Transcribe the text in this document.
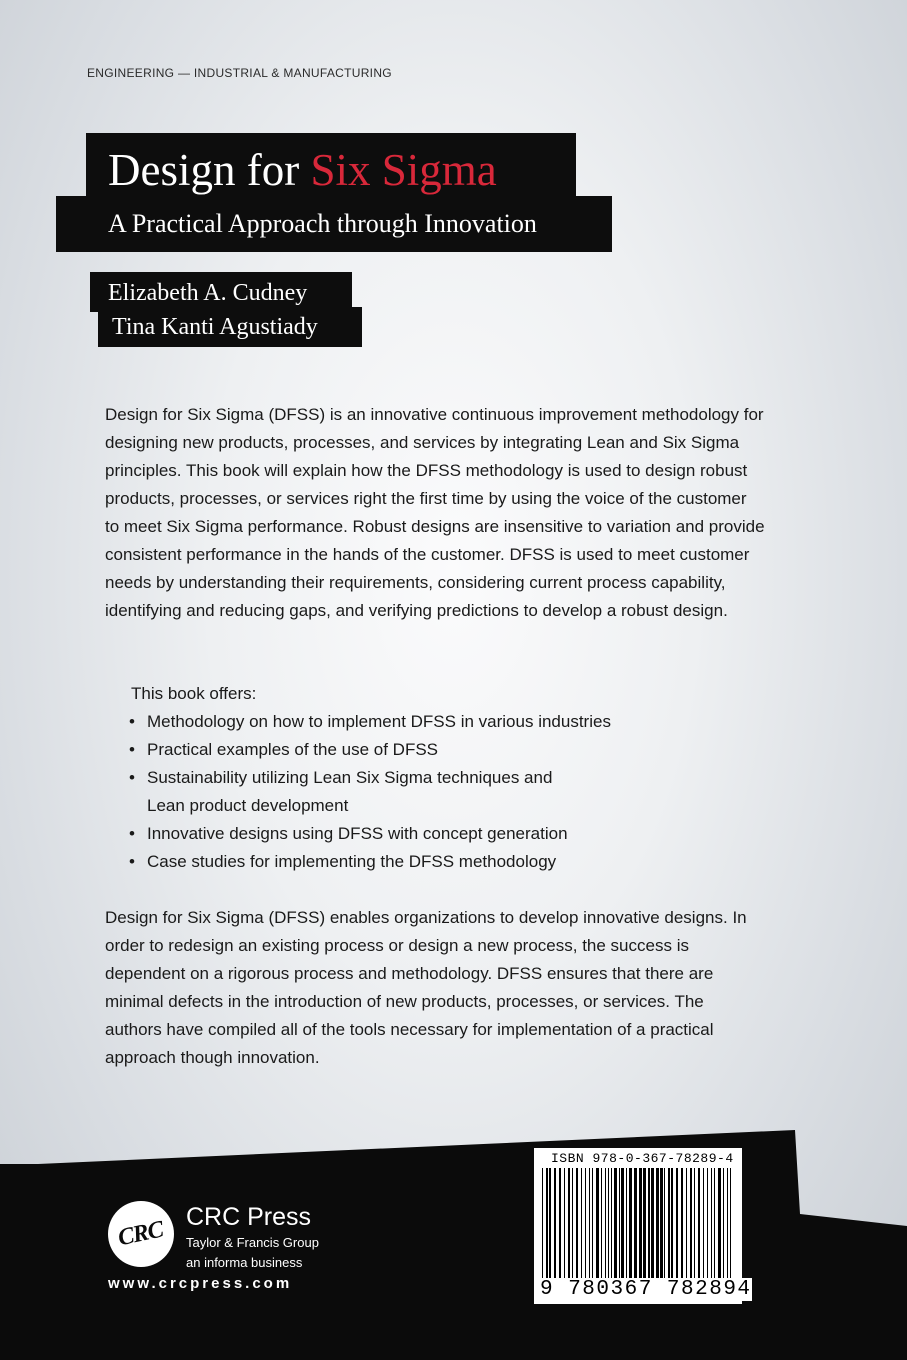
ENGINEERING — INDUSTRIAL & MANUFACTURING
Design for Six Sigma
A Practical Approach through Innovation
Elizabeth A. Cudney
Tina Kanti Agustiady

Design for Six Sigma (DFSS) is an innovative continuous improvement methodology for designing new products, processes, and services by integrating Lean and Six Sigma principles. This book will explain how the DFSS methodology is used to design robust products, processes, or services right the first time by using the voice of the customer to meet Six Sigma performance. Robust designs are insensitive to variation and provide consistent performance in the hands of the customer. DFSS is used to meet customer needs by understanding their requirements, considering current process capability, identifying and reducing gaps, and verifying predictions to develop a robust design.

This book offers:
• Methodology on how to implement DFSS in various industries
• Practical examples of the use of DFSS
• Sustainability utilizing Lean Six Sigma techniques and Lean product development
• Innovative designs using DFSS with concept generation
• Case studies for implementing the DFSS methodology

Design for Six Sigma (DFSS) enables organizations to develop innovative designs. In order to redesign an existing process or design a new process, the success is dependent on a rigorous process and methodology. DFSS ensures that there are minimal defects in the introduction of new products, processes, or services. The authors have compiled all of the tools necessary for implementation of a practical approach though innovation.

CRC CRC Press
Taylor & Francis Group
an informa business
www.crcpress.com
ISBN 978-0-367-78289-4
9 780367 782894
